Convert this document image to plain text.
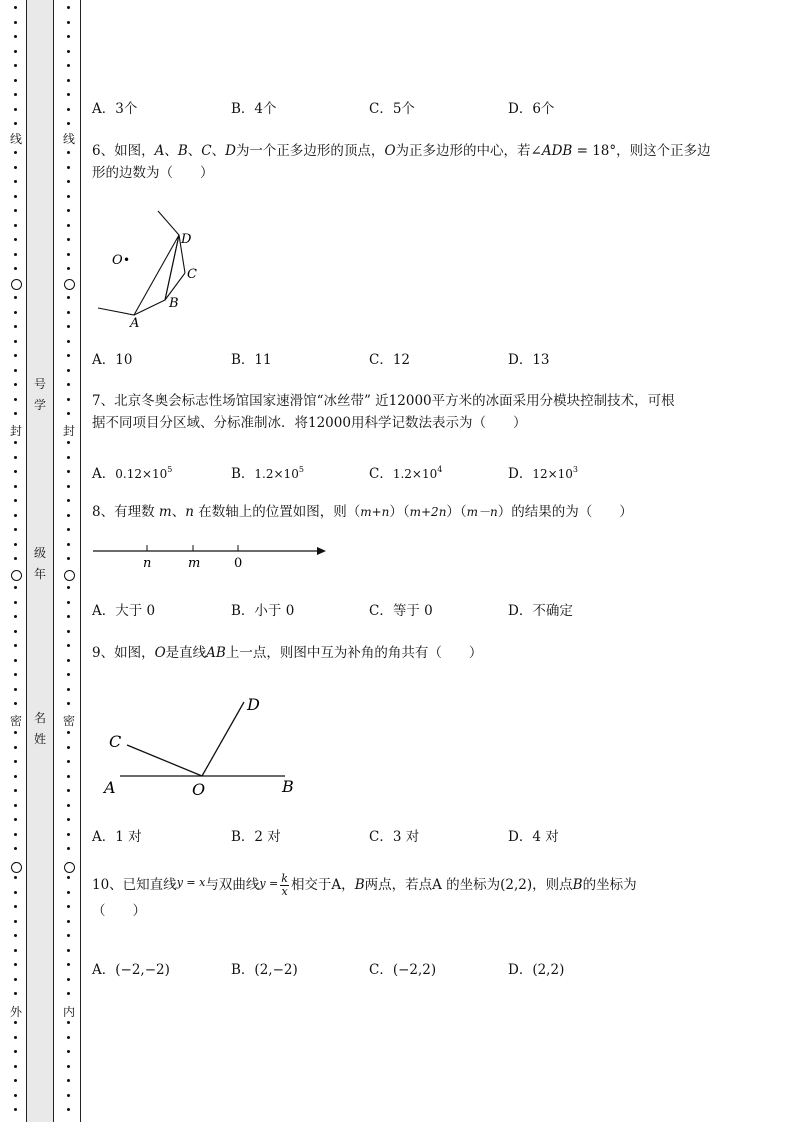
线
封
密
外
线
封
密
内
号学
级年
名姓
A．3个	B．4个	C．5个	D．6个
6、如图，A、B、C、D为一个正多边形的顶点，O为正多边形的中心，若∠ADB = 18°，则这个正多边
形的边数为（　　）
O •
D
C
B
A
A．10	B．11	C．12	D．13
7、北京冬奥会标志性场馆国家速滑馆“冰丝带” 近12000平方米的冰面采用分模块控制技术，可根
据不同项目分区域、分标准制冰．将12000用科学记数法表示为（　　）
A．$0.12\times 10^5$	B．$1.2\times 10^5$	C．$1.2\times 10^4$	D．$12\times 10^3$
8、有理数 m、n 在数轴上的位置如图，则（m+n）（m+2n）（m－n）的结果的为（　　）
n	m	0
A．大于 0	B．小于 0	C．等于 0	D．不确定
9、如图，O是直线AB上一点，则图中互为补角的角共有（　　）
D
C
A	O	B
A．1 对	B．2 对	C．3 对	D．4 对
10、已知直线$^{y = x}$与双曲线$y = \frac{k}{x}$ 相交于A，B两点，若点A 的坐标为(2,2)，则点B的坐标为
（　　）
A．(−2,−2)	B．(2,−2)	C．(−2,2)	D．(2,2)
